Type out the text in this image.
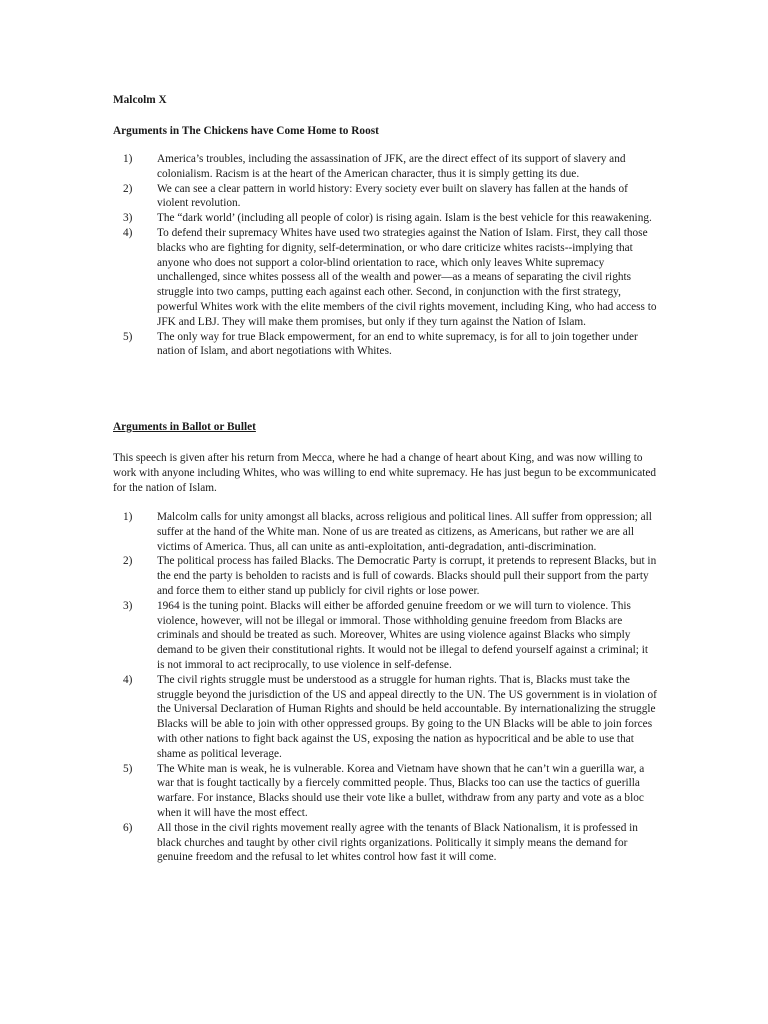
Malcolm X
Arguments in The Chickens have Come Home to Roost
1) America’s troubles, including the assassination of JFK, are the direct effect of its support of slavery and colonialism. Racism is at the heart of the American character, thus it is simply getting its due.
2) We can see a clear pattern in world history: Every society ever built on slavery has fallen at the hands of violent revolution.
3) The “dark world’ (including all people of color) is rising again. Islam is the best vehicle for this reawakening.
4) To defend their supremacy Whites have used two strategies against the Nation of Islam. First, they call those blacks who are fighting for dignity, self-determination, or who dare criticize whites racists--implying that anyone who does not support a color-blind orientation to race, which only leaves White supremacy unchallenged, since whites possess all of the wealth and power—as a means of separating the civil rights struggle into two camps, putting each against each other. Second, in conjunction with the first strategy, powerful Whites work with the elite members of the civil rights movement, including King, who had access to JFK and LBJ. They will make them promises, but only if they turn against the Nation of Islam.
5) The only way for true Black empowerment, for an end to white supremacy, is for all to join together under nation of Islam, and abort negotiations with Whites.
Arguments in Ballot or Bullet

This speech is given after his return from Mecca, where he had a change of heart about King, and was now willing to work with anyone including Whites, who was willing to end white supremacy. He has just begun to be excommunicated for the nation of Islam.

1) Malcolm calls for unity amongst all blacks, across religious and political lines. All suffer from oppression; all suffer at the hand of the White man. None of us are treated as citizens, as Americans, but rather we are all victims of America. Thus, all can unite as anti-exploitation, anti-degradation, anti-discrimination.
2) The political process has failed Blacks. The Democratic Party is corrupt, it pretends to represent Blacks, but in the end the party is beholden to racists and is full of cowards. Blacks should pull their support from the party and force them to either stand up publicly for civil rights or lose power.
3) 1964 is the tuning point. Blacks will either be afforded genuine freedom or we will turn to violence. This violence, however, will not be illegal or immoral. Those withholding genuine freedom from Blacks are criminals and should be treated as such. Moreover, Whites are using violence against Blacks who simply demand to be given their constitutional rights. It would not be illegal to defend yourself against a criminal; it is not immoral to act reciprocally, to use violence in self-defense.
4) The civil rights struggle must be understood as a struggle for human rights. That is, Blacks must take the struggle beyond the jurisdiction of the US and appeal directly to the UN. The US government is in violation of the Universal Declaration of Human Rights and should be held accountable. By internationalizing the struggle Blacks will be able to join with other oppressed groups. By going to the UN Blacks will be able to join forces with other nations to fight back against the US, exposing the nation as hypocritical and be able to use that shame as political leverage.
5) The White man is weak, he is vulnerable. Korea and Vietnam have shown that he can’t win a guerilla war, a war that is fought tactically by a fiercely committed people. Thus, Blacks too can use the tactics of guerilla warfare. For instance, Blacks should use their vote like a bullet, withdraw from any party and vote as a bloc when it will have the most effect.
6) All those in the civil rights movement really agree with the tenants of Black Nationalism, it is professed in black churches and taught by other civil rights organizations. Politically it simply means the demand for genuine freedom and the refusal to let whites control how fast it will come.
